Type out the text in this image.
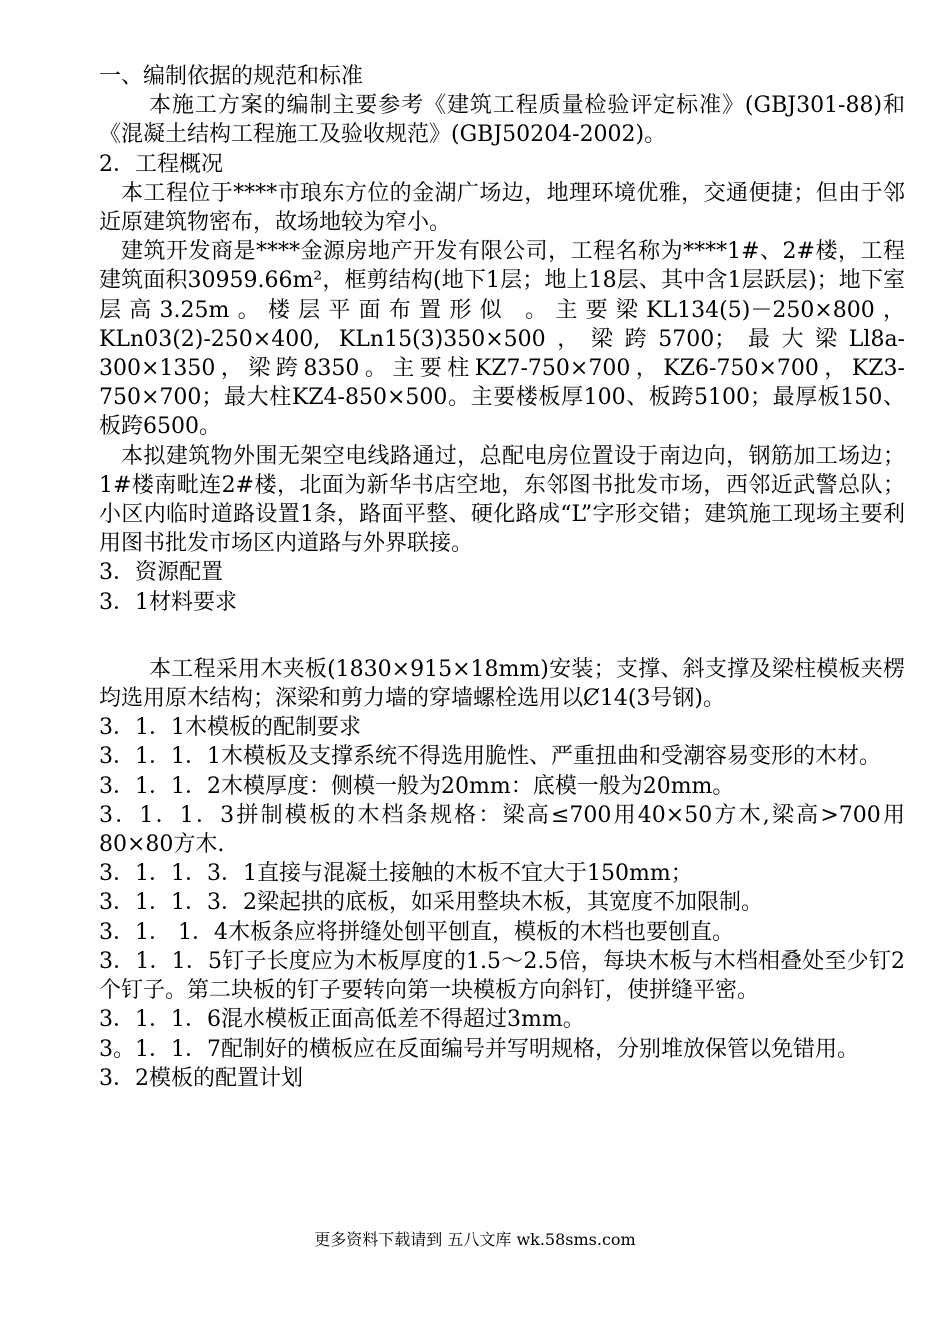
一、编制依据的规范和标准

本施工方案的编制主要参考《建筑工程质量检验评定标准》(GBJ301-88)和《混凝土结构工程施工及验收规范》(GBJ50204-2002)。

2．工程概况

本工程位于****市琅东方位的金湖广场边，地理环境优雅，交通便捷；但由于邻近原建筑物密布，故场地较为窄小。

建筑开发商是****金源房地产开发有限公司，工程名称为****1#、2#楼，工程建筑面积30959.66m²，框剪结构(地下1层；地上18层、其中含1层跃层)；地下室层高3.25m。楼层平面布置形似 。主要梁KL134(5)－250×800，KLn03(2)-250×400, KLn15(3)350×500，梁跨5700；最大梁Ll8a-300×1350，梁跨8350。主要柱KZ7-750×700，KZ6-750×700，KZ3-750×700；最大柱KZ4-850×500。主要楼板厚100、板跨5100；最厚板150、板跨6500。

本拟建筑物外围无架空电线路通过，总配电房位置设于南边向，钢筋加工场边；1#楼南毗连2#楼，北面为新华书店空地，东邻图书批发市场，西邻近武警总队；小区内临时道路设置1条，路面平整、硬化路成“L”字形交错；建筑施工现场主要利用图书批发市场区内道路与外界联接。

3．资源配置

3．1材料要求

本工程采用木夹板(1830×915×18mm)安装；支撑、斜支撑及梁柱模板夹楞均选用原木结构；深梁和剪力墙的穿墙螺栓选用以Ȼ14(3号钢)。

3．1．1木模板的配制要求

3．1．1．1木模板及支撑系统不得选用脆性、严重扭曲和受潮容易变形的木材。

3．1．1．2木模厚度：侧模一般为20mm：底模一般为20mm。

3．1．1．3拼制模板的木档条规格：梁高≤700用40×50方木,梁高>700用80×80方木.

3．1．1．3．1直接与混凝土接触的木板不宜大于150mm；

3．1．1．3．2梁起拱的底板，如采用整块木板，其宽度不加限制。

3．1． 1．4木板条应将拼缝处刨平刨直，模板的木档也要刨直。

3．1．1．5钉子长度应为木板厚度的1.5～2.5倍，每块木板与木档相叠处至少钉2个钉子。第二块板的钉子要转向第一块模板方向斜钉，使拼缝平密。

3．1．1．6混水模板正面高低差不得超过3mm。

3。1．1．7配制好的横板应在反面编号并写明规格，分别堆放保管以免错用。

3．2模板的配置计划

更多资料下载请到 五八文库 wk.58sms.com
